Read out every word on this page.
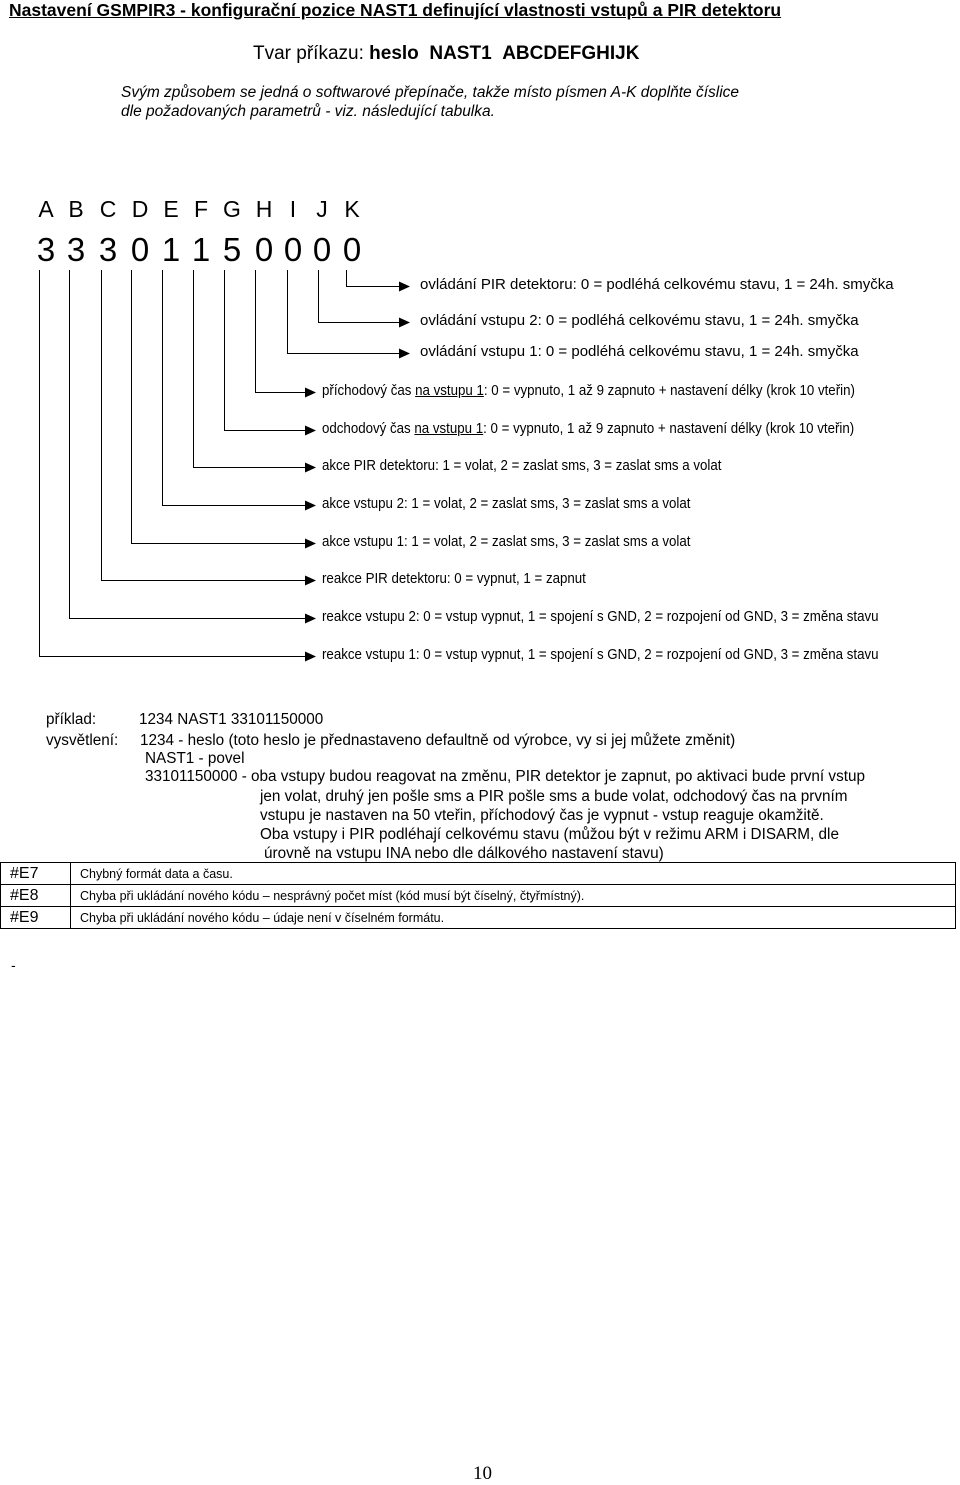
Nastavení GSMPIR3 - konfigurační pozice NAST1 definující vlastnosti vstupů a PIR detektoru
Tvar příkazu: heslo NAST1 ABCDEFGHIJK
Svým způsobem se jedná o softwarové přepínače, takže místo písmen A-K doplňte číslice
dle požadovaných parametrů - viz. následující tabulka.
A B C D E F G H I J K
3 3 3 0 1 1 5 0 0 0 0
ovládání PIR detektoru: 0 = podléhá celkovému stavu, 1 = 24h. smyčka
ovládání vstupu 2: 0 = podléhá celkovému stavu, 1 = 24h. smyčka
ovládání vstupu 1: 0 = podléhá celkovému stavu, 1 = 24h. smyčka
příchodový čas na vstupu 1: 0 = vypnuto, 1 až 9 zapnuto + nastavení délky (krok 10 vteřin)
odchodový čas na vstupu 1: 0 = vypnuto, 1 až 9 zapnuto + nastavení délky (krok 10 vteřin)
akce PIR detektoru: 1 = volat, 2 = zaslat sms, 3 = zaslat sms a volat
akce vstupu 2: 1 = volat, 2 = zaslat sms, 3 = zaslat sms a volat
akce vstupu 1: 1 = volat, 2 = zaslat sms, 3 = zaslat sms a volat
reakce PIR detektoru: 0 = vypnut, 1 = zapnut
reakce vstupu 2: 0 = vstup vypnut, 1 = spojení s GND, 2 = rozpojení od GND, 3 = změna stavu
reakce vstupu 1: 0 = vstup vypnut, 1 = spojení s GND, 2 = rozpojení od GND, 3 = změna stavu
příklad:	1234 NAST1 33101150000
vysvětlení: 1234 - heslo (toto heslo je přednastaveno defaultně od výrobce, vy si jej můžete změnit)
NAST1 - povel
33101150000 - oba vstupy budou reagovat na změnu, PIR detektor je zapnut, po aktivaci bude první vstup
jen volat, druhý jen pošle sms a PIR pošle sms a bude volat, odchodový čas na prvním
vstupu je nastaven na 50 vteřin, příchodový čas je vypnut - vstup reaguje okamžitě.
Oba vstupy i PIR podléhají celkovému stavu (můžou být v režimu ARM i DISARM, dle
úrovně na vstupu INA nebo dle dálkového nastavení stavu)
#E7	Chybný formát data a času.
#E8	Chyba při ukládání nového kódu – nesprávný počet míst (kód musí být číselný, čtyřmístný).
#E9	Chyba při ukládání nového kódu – údaje není v číselném formátu.
-
10
